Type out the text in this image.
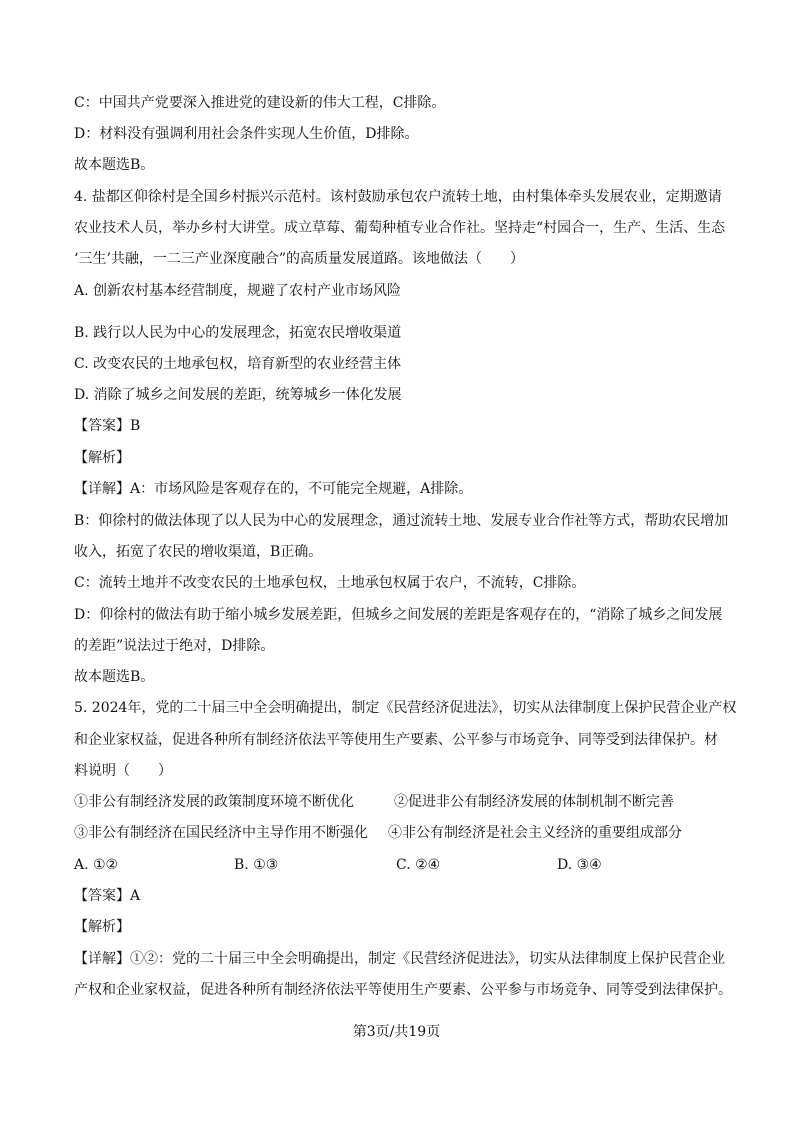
C：中国共产党要深入推进党的建设新的伟大工程，C排除。
D：材料没有强调利用社会条件实现人生价值，D排除。
故本题选B。
4. 盐都区仰徐村是全国乡村振兴示范村。该村鼓励承包农户流转土地，由村集体牵头发展农业，定期邀请
农业技术人员，举办乡村大讲堂。成立草莓、葡萄种植专业合作社。坚持走“村园合一，生产、生活、生态
‘三生’共融，一二三产业深度融合”的高质量发展道路。该地做法（　　）
A. 创新农村基本经营制度，规避了农村产业市场风险
B. 践行以人民为中心的发展理念，拓宽农民增收渠道
C. 改变农民的土地承包权，培育新型的农业经营主体
D. 消除了城乡之间发展的差距，统筹城乡一体化发展
【答案】B
【解析】
【详解】A：市场风险是客观存在的，不可能完全规避，A排除。
B：仰徐村的做法体现了以人民为中心的发展理念，通过流转土地、发展专业合作社等方式，帮助农民增加
收入，拓宽了农民的增收渠道，B正确。
C：流转土地并不改变农民的土地承包权，土地承包权属于农户，不流转，C排除。
D：仰徐村的做法有助于缩小城乡发展差距，但城乡之间发展的差距是客观存在的，“消除了城乡之间发展
的差距”说法过于绝对，D排除。
故本题选B。
5. 2024年，党的二十届三中全会明确提出，制定《民营经济促进法》，切实从法律制度上保护民营企业产权
和企业家权益，促进各种所有制经济依法平等使用生产要素、公平参与市场竞争、同等受到法律保护。材
料说明（　　）
①非公有制经济发展的政策制度环境不断优化	②促进非公有制经济发展的体制机制不断完善
③非公有制经济在国民经济中主导作用不断强化 ④非公有制经济是社会主义经济的重要组成部分
A. ①②	B. ①③	C. ②④	D. ③④
【答案】A
【解析】
【详解】①②：党的二十届三中全会明确提出，制定《民营经济促进法》，切实从法律制度上保护民营企业
产权和企业家权益，促进各种所有制经济依法平等使用生产要素、公平参与市场竞争、同等受到法律保护。
第3页/共19页
